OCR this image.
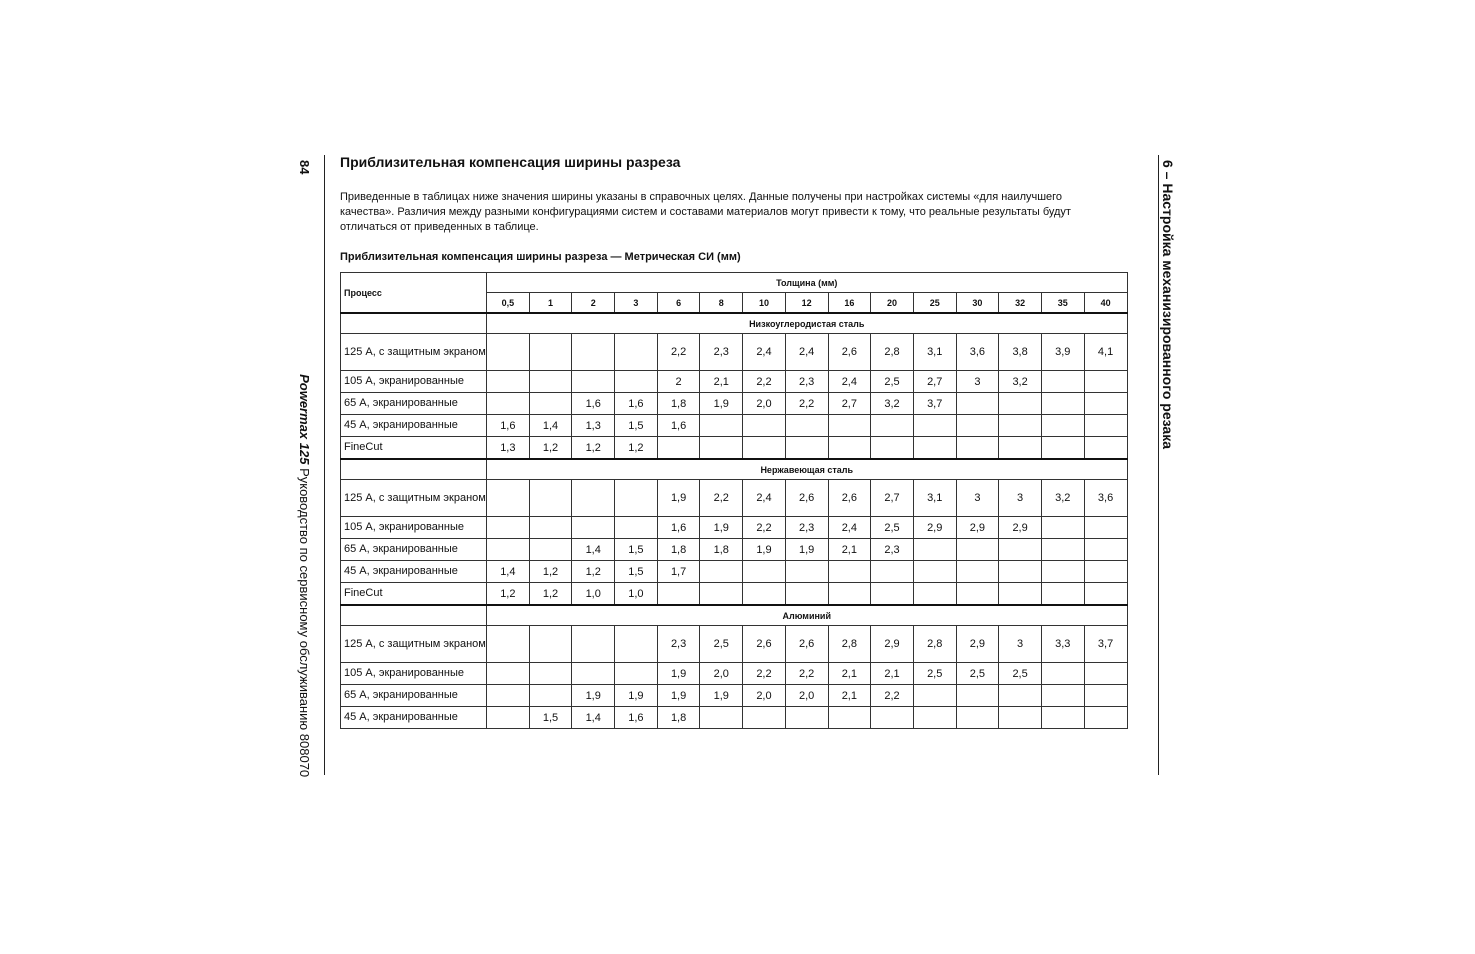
84 Powermax 125 Руководство по сервисному обслуживанию 808070
6 – Настройка механизированного резака
Приблизительная компенсация ширины разреза
Приведенные в таблицах ниже значения ширины указаны в справочных целях. Данные получены при настройках системы «для наилучшего качества». Различия между разными конфигурациями систем и составами материалов могут привести к тому, что реальные результаты будут отличаться от приведенных в таблице.
Приблизительная компенсация ширины разреза — Метрическая СИ (мм)
Процесс	Толщина (мм)														
	0,5	1	2	3	6	8	10	12	16	20	25	30	32	35	40
	Низкоуглеродистая сталь														
125 А, с защитным экраном					2,2	2,3	2,4	2,4	2,6	2,8	3,1	3,6	3,8	3,9	4,1
105 А, экранированные					2	2,1	2,2	2,3	2,4	2,5	2,7	3	3,2		
65 А, экранированные			1,6	1,6	1,8	1,9	2,0	2,2	2,7	3,2	3,7				
45 А, экранированные	1,6	1,4	1,3	1,5	1,6										
FineCut	1,3	1,2	1,2	1,2											
	Нержавеющая сталь														
125 А, с защитным экраном					1,9	2,2	2,4	2,6	2,6	2,7	3,1	3	3	3,2	3,6
105 А, экранированные					1,6	1,9	2,2	2,3	2,4	2,5	2,9	2,9	2,9		
65 А, экранированные			1,4	1,5	1,8	1,8	1,9	1,9	2,1	2,3					
45 А, экранированные	1,4	1,2	1,2	1,5	1,7										
FineCut	1,2	1,2	1,0	1,0											
	Алюминий														
125 А, с защитным экраном					2,3	2,5	2,6	2,6	2,8	2,9	2,8	2,9	3	3,3	3,7
105 А, экранированные					1,9	2,0	2,2	2,2	2,1	2,1	2,5	2,5	2,5		
65 А, экранированные			1,9	1,9	1,9	1,9	2,0	2,0	2,1	2,2					
45 А, экранированные		1,5	1,4	1,6	1,8										
